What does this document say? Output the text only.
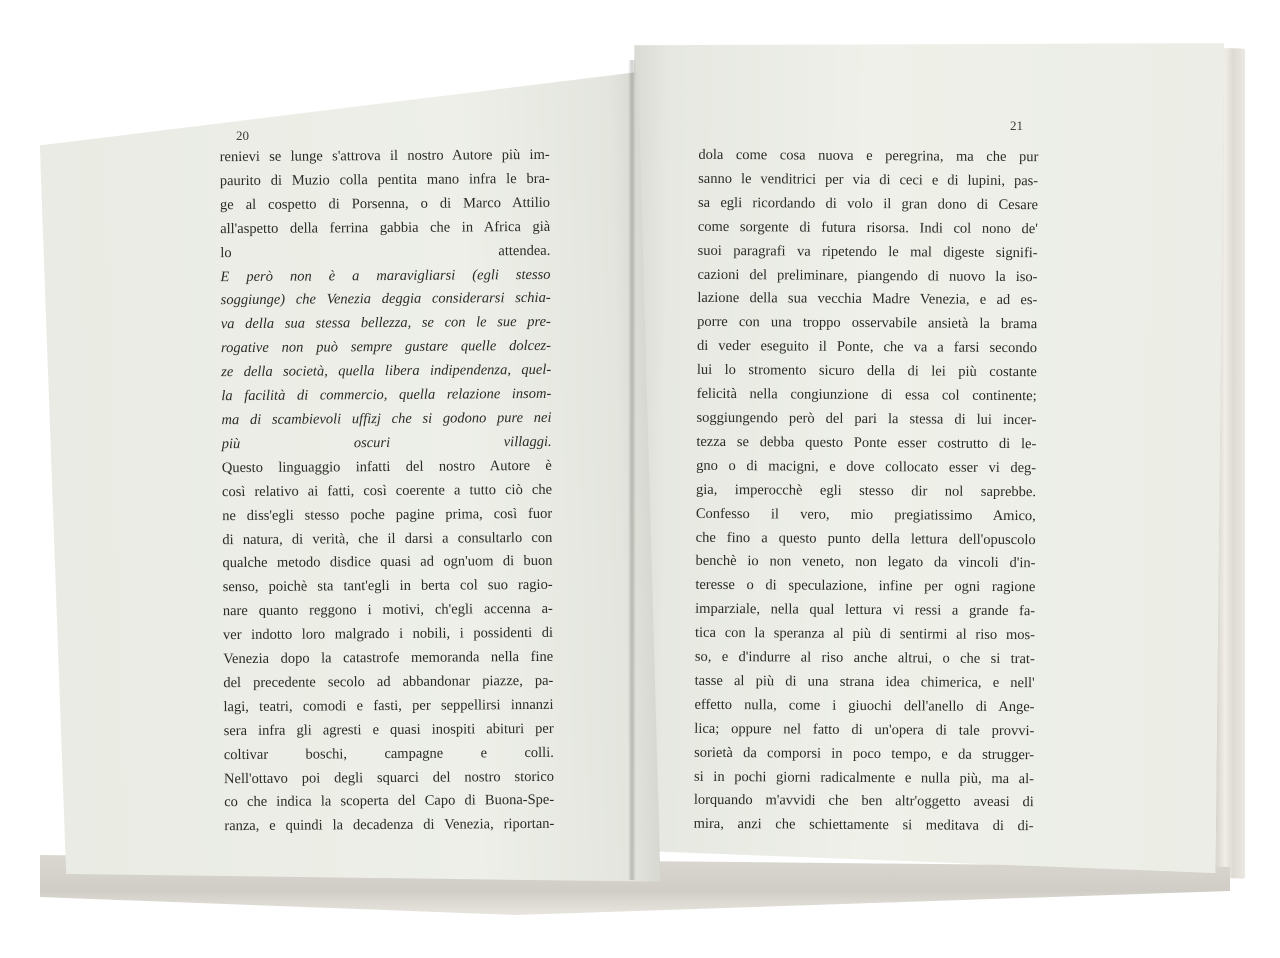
20
21
renievi se lunge s'attrova il nostro Autore più im-
paurito di Muzio colla pentita mano infra le bra-
ge al cospetto di Porsenna, o di Marco Attilio
all'aspetto della ferrina gabbia che in Africa già
lo attendea.
E però non è a maravigliarsi (egli stesso
soggiunge) che Venezia deggia considerarsi schia-
va della sua stessa bellezza, se con le sue pre-
rogative non può sempre gustare quelle dolcez-
ze della società, quella libera indipendenza, quel-
la facilità di commercio, quella relazione insom-
ma di scambievoli uffizj che si godono pure nei
più oscuri villaggi.
Questo linguaggio infatti del nostro Autore è
così relativo ai fatti, così coerente a tutto ciò che
ne diss'egli stesso poche pagine prima, così fuor
di natura, di verità, che il darsi a consultarlo con
qualche metodo disdice quasi ad ogn'uom di buon
senso, poichè sta tant'egli in berta col suo ragio-
nare quanto reggono i motivi, ch'egli accenna a-
ver indotto loro malgrado i nobili, i possidenti di
Venezia dopo la catastrofe memoranda nella fine
del precedente secolo ad abbandonar piazze, pa-
lagi, teatri, comodi e fasti, per seppellirsi innanzi
sera infra gli agresti e quasi inospiti abituri per
coltivar boschi, campagne e colli.
Nell'ottavo poi degli squarci del nostro storico
co che indica la scoperta del Capo di Buona-Spe-
ranza, e quindi la decadenza di Venezia, riportan-
dola come cosa nuova e peregrina, ma che pur
sanno le venditrici per via di ceci e di lupini, pas-
sa egli ricordando di volo il gran dono di Cesare
come sorgente di futura risorsa. Indi col nono de'
suoi paragrafi va ripetendo le mal digeste signifi-
cazioni del preliminare, piangendo di nuovo la iso-
lazione della sua vecchia Madre Venezia, e ad es-
porre con una troppo osservabile ansietà la brama
di veder eseguito il Ponte, che va a farsi secondo
lui lo stromento sicuro della di lei più costante
felicità nella congiunzione di essa col continente;
soggiungendo però del pari la stessa di lui incer-
tezza se debba questo Ponte esser costrutto di le-
gno o di macigni, e dove collocato esser vi deg-
gia, imperocchè egli stesso dir nol saprebbe.
Confesso il vero, mio pregiatissimo Amico,
che fino a questo punto della lettura dell'opuscolo
benchè io non veneto, non legato da vincoli d'in-
teresse o di speculazione, infine per ogni ragione
imparziale, nella qual lettura vi ressi a grande fa-
tica con la speranza al più di sentirmi al riso mos-
so, e d'indurre al riso anche altrui, o che si trat-
tasse al più di una strana idea chimerica, e nell'
effetto nulla, come i giuochi dell'anello di Ange-
lica; oppure nel fatto di un'opera di tale provvi-
sorietà da comporsi in poco tempo, e da strugger-
si in pochi giorni radicalmente e nulla più, ma al-
lorquando m'avvidi che ben altr'oggetto aveasi di
mira, anzi che schiettamente si meditava di di-
